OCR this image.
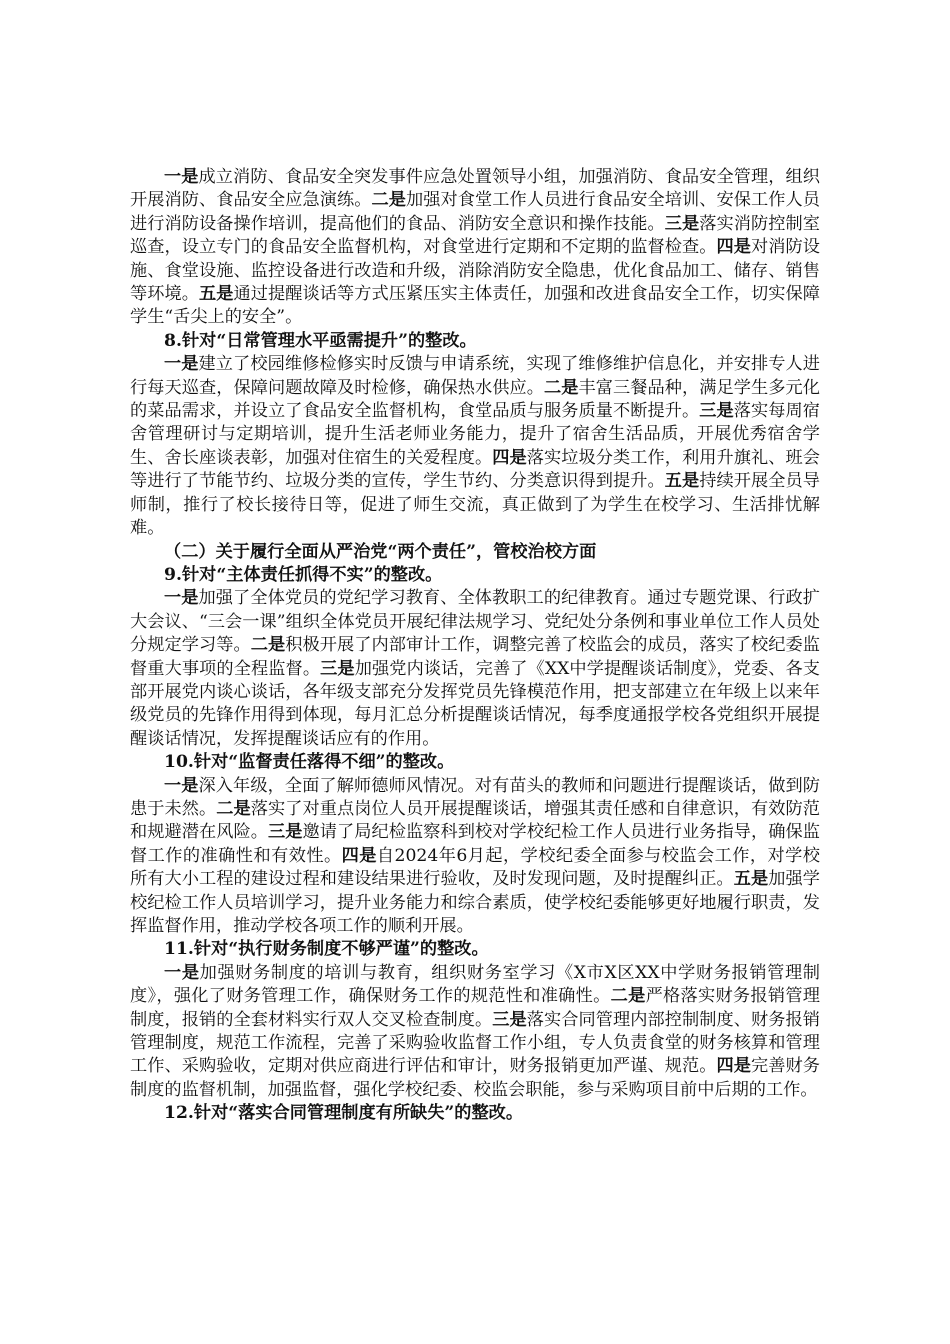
一是成立消防、食品安全突发事件应急处置领导小组，加强消防、食品安全管理，组织开展消防、食品安全应急演练。二是加强对食堂工作人员进行食品安全培训、安保工作人员进行消防设备操作培训，提高他们的食品、消防安全意识和操作技能。三是落实消防控制室巡查，设立专门的食品安全监督机构，对食堂进行定期和不定期的监督检查。四是对消防设施、食堂设施、监控设备进行改造和升级，消除消防安全隐患，优化食品加工、储存、销售等环境。五是通过提醒谈话等方式压紧压实主体责任，加强和改进食品安全工作，切实保障学生“舌尖上的安全”。

8.针对“日常管理水平亟需提升”的整改。

一是建立了校园维修检修实时反馈与申请系统，实现了维修维护信息化，并安排专人进行每天巡查，保障问题故障及时检修，确保热水供应。二是丰富三餐品种，满足学生多元化的菜品需求，并设立了食品安全监督机构，食堂品质与服务质量不断提升。三是落实每周宿舍管理研讨与定期培训，提升生活老师业务能力，提升了宿舍生活品质，开展优秀宿舍学生、舍长座谈表彰，加强对住宿生的关爱程度。四是落实垃圾分类工作，利用升旗礼、班会等进行了节能节约、垃圾分类的宣传，学生节约、分类意识得到提升。五是持续开展全员导师制，推行了校长接待日等，促进了师生交流，真正做到了为学生在校学习、生活排忧解难。

（二）关于履行全面从严治党“两个责任”，管校治校方面

9.针对“主体责任抓得不实”的整改。

一是加强了全体党员的党纪学习教育、全体教职工的纪律教育。通过专题党课、行政扩大会议、“三会一课”组织全体党员开展纪律法规学习、党纪处分条例和事业单位工作人员处分规定学习等。二是积极开展了内部审计工作，调整完善了校监会的成员，落实了校纪委监督重大事项的全程监督。三是加强党内谈话，完善了《XX中学提醒谈话制度》，党委、各支部开展党内谈心谈话，各年级支部充分发挥党员先锋模范作用，把支部建立在年级上以来年级党员的先锋作用得到体现，每月汇总分析提醒谈话情况，每季度通报学校各党组织开展提醒谈话情况，发挥提醒谈话应有的作用。

10.针对“监督责任落得不细”的整改。

一是深入年级，全面了解师德师风情况。对有苗头的教师和问题进行提醒谈话，做到防患于未然。二是落实了对重点岗位人员开展提醒谈话，增强其责任感和自律意识，有效防范和规避潜在风险。三是邀请了局纪检监察科到校对学校纪检工作人员进行业务指导，确保监督工作的准确性和有效性。四是自2024年6月起，学校纪委全面参与校监会工作，对学校所有大小工程的建设过程和建设结果进行验收，及时发现问题，及时提醒纠正。五是加强学校纪检工作人员培训学习，提升业务能力和综合素质，使学校纪委能够更好地履行职责，发挥监督作用，推动学校各项工作的顺利开展。

11.针对“执行财务制度不够严谨”的整改。

一是加强财务制度的培训与教育，组织财务室学习《X市X区XX中学财务报销管理制度》，强化了财务管理工作，确保财务工作的规范性和准确性。二是严格落实财务报销管理制度，报销的全套材料实行双人交叉检查制度。三是落实合同管理内部控制制度、财务报销管理制度，规范工作流程，完善了采购验收监督工作小组，专人负责食堂的财务核算和管理工作、采购验收，定期对供应商进行评估和审计，财务报销更加严谨、规范。四是完善财务制度的监督机制，加强监督，强化学校纪委、校监会职能，参与采购项目前中后期的工作。

12.针对“落实合同管理制度有所缺失”的整改。
